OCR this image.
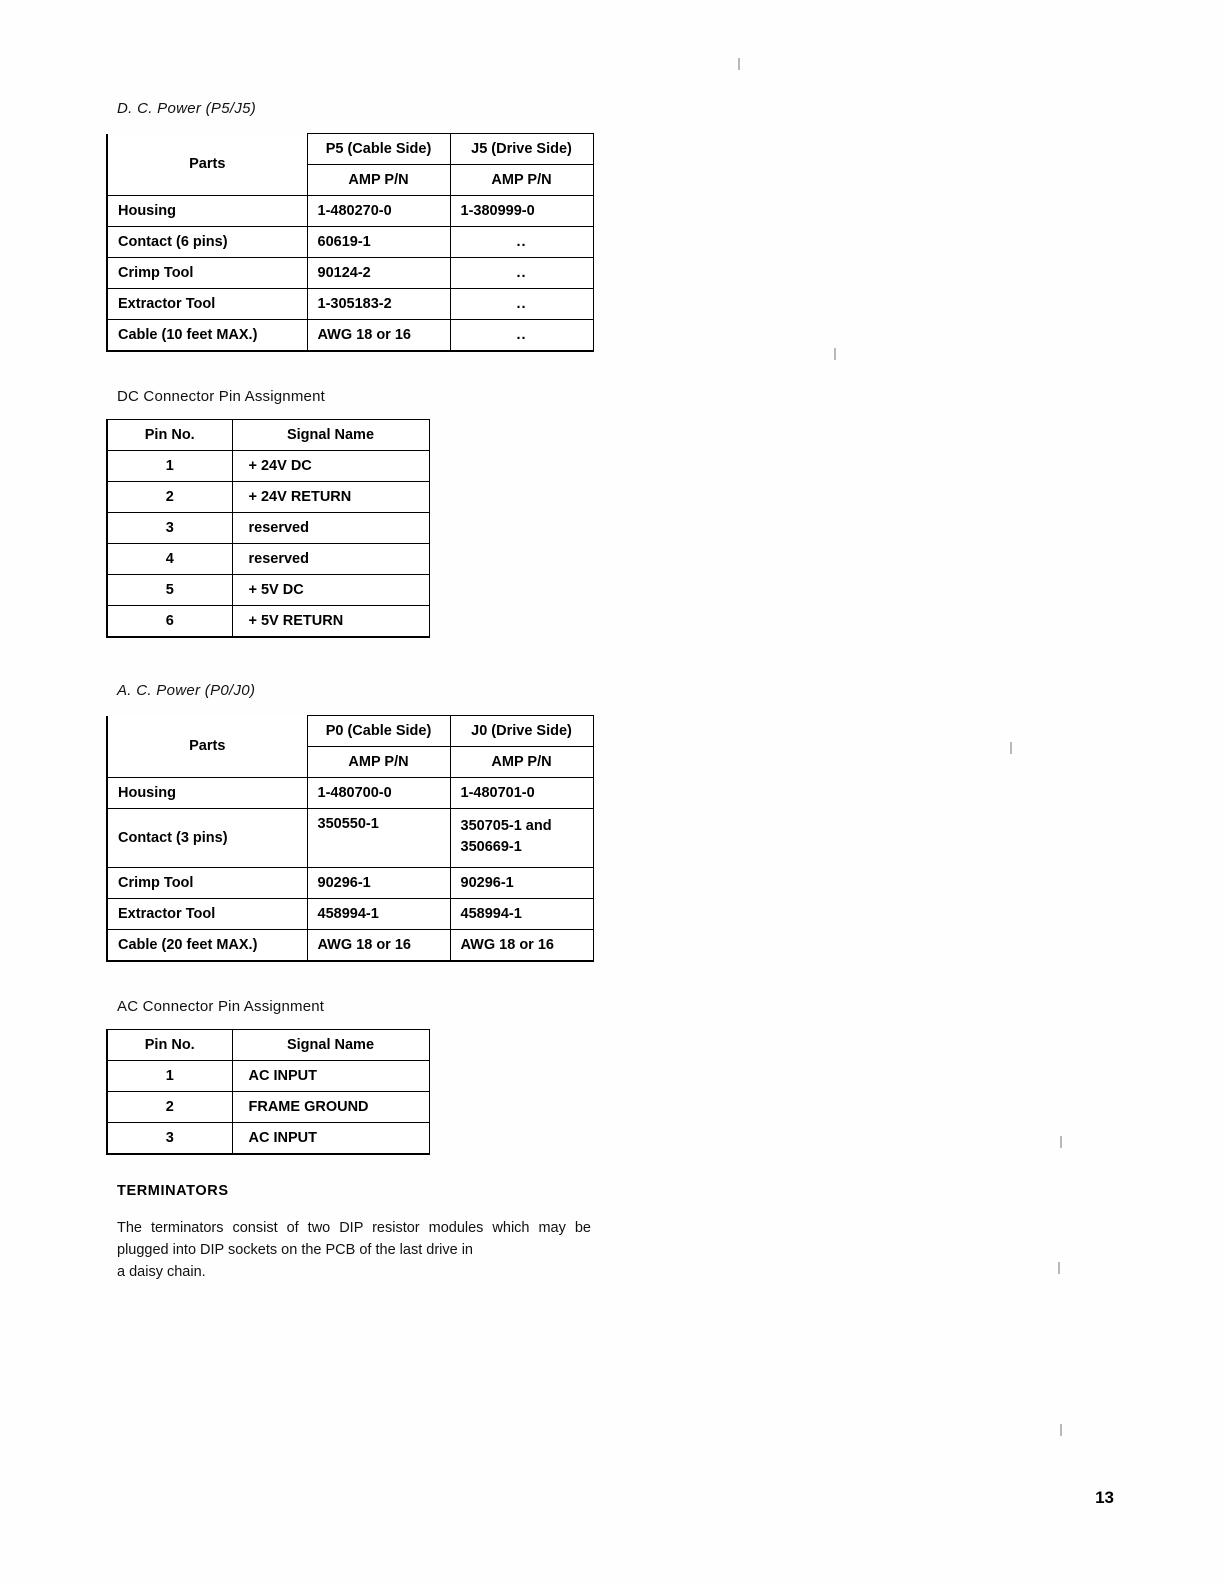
D. C. Power (P5/J5)
Parts	P5 (Cable Side)	J5 (Drive Side)
	AMP P/N	AMP P/N
Housing	1-480270-0	1-380999-0
Contact (6 pins)	60619-1	..
Crimp Tool	90124-2	..
Extractor Tool	1-305183-2	..
Cable (10 feet MAX.)	AWG 18 or 16	..
DC Connector Pin Assignment
Pin No.	Signal Name
1	+ 24V DC
2	+ 24V RETURN
3	reserved
4	reserved
5	+ 5V DC
6	+ 5V RETURN
A. C. Power (P0/J0)
Parts	P0 (Cable Side)	J0 (Drive Side)
	AMP P/N	AMP P/N
Housing	1-480700-0	1-480701-0
Contact (3 pins)	350550-1	350705-1 and 350669-1
Crimp Tool	90296-1	90296-1
Extractor Tool	458994-1	458994-1
Cable (20 feet MAX.)	AWG 18 or 16	AWG 18 or 16
AC Connector Pin Assignment
Pin No.	Signal Name
1	AC INPUT
2	FRAME GROUND
3	AC INPUT
TERMINATORS
The terminators consist of two DIP resistor modules which may be plugged into DIP sockets on the PCB of the last drive in
a daisy chain.
13
